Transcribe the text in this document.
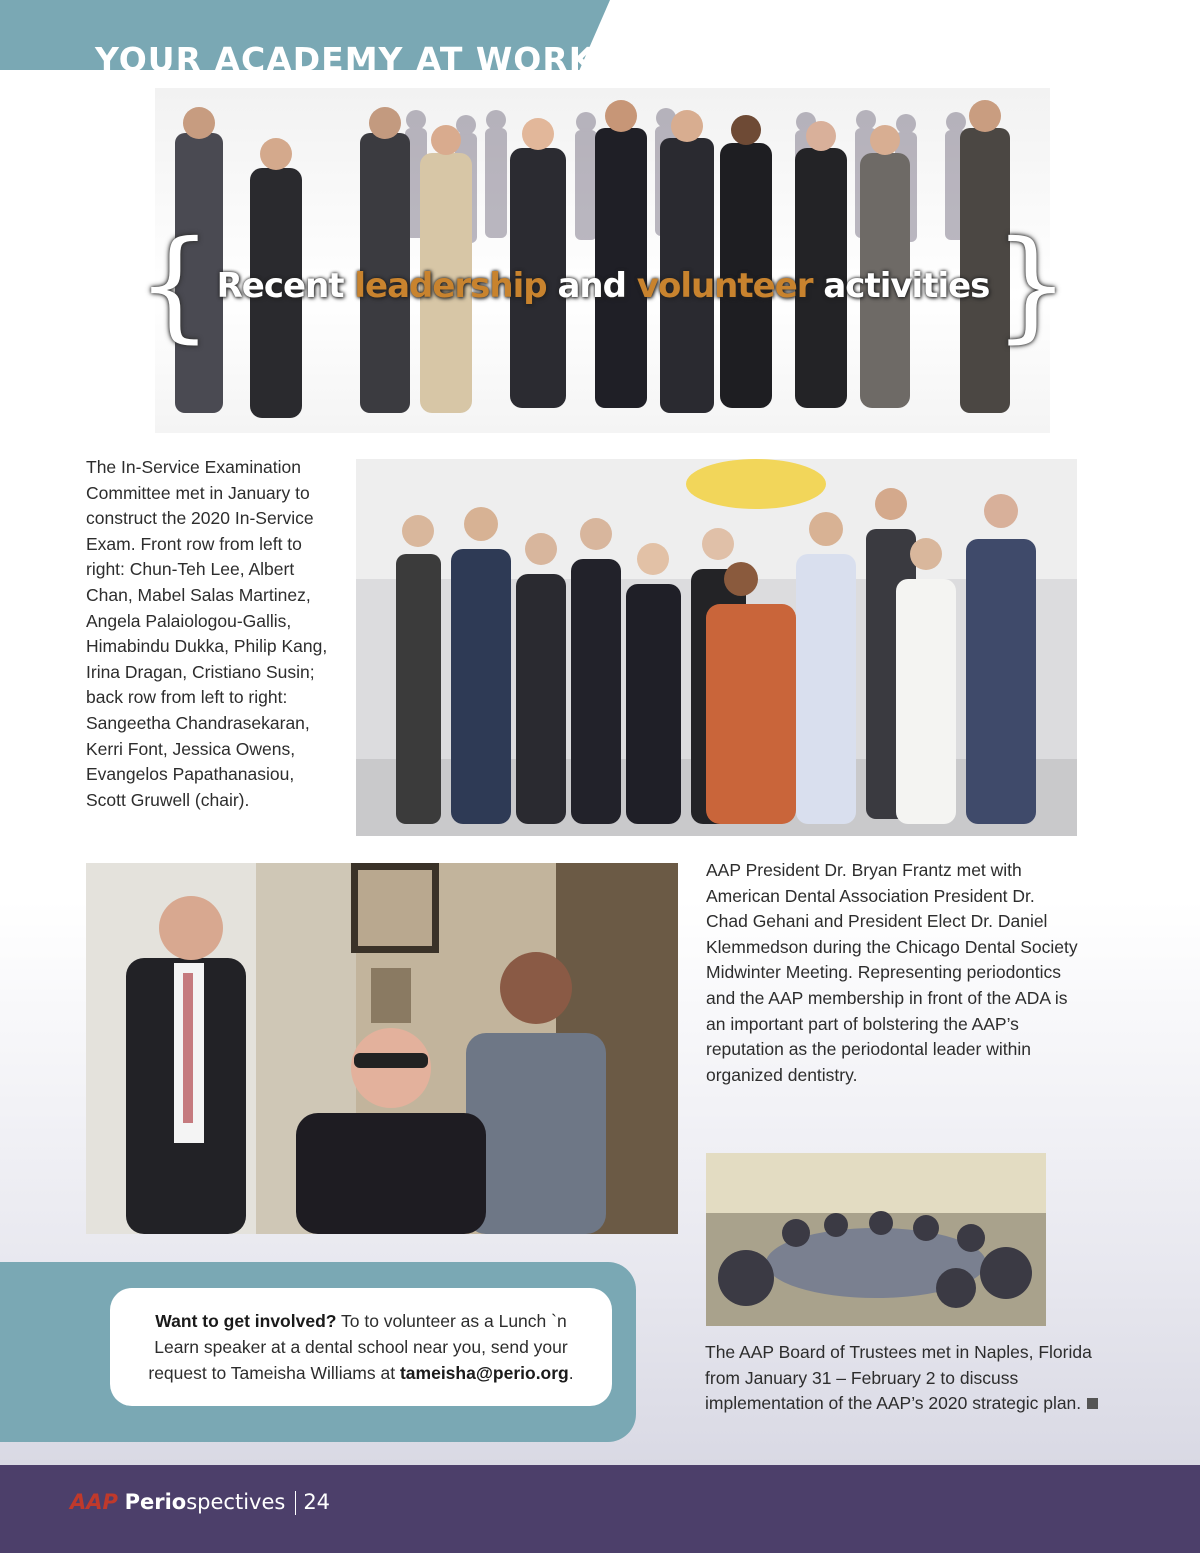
YOUR ACADEMY AT WORK
{ Recent leadership and volunteer activities }
The In-Service Examination Committee met in January to construct the 2020 In-Service Exam. Front row from left to right: Chun-Teh Lee, Albert Chan, Mabel Salas Martinez, Angela Palaiologou-Gallis, Himabindu Dukka, Philip Kang, Irina Dragan, Cristiano Susin; back row from left to right: Sangeetha Chandrasekaran, Kerri Font, Jessica Owens, Evangelos Papathanasiou, Scott Gruwell (chair).
AAP President Dr. Bryan Frantz met with American Dental Association President Dr. Chad Gehani and President Elect Dr. Daniel Klemmedson during the Chicago Dental Society Midwinter Meeting. Representing periodontics and the AAP membership in front of the ADA is an important part of bolstering the AAP’s reputation as the periodontal leader within organized dentistry.
The AAP Board of Trustees met in Naples, Florida from January 31 – February 2 to discuss implementation of the AAP’s 2020 strategic plan.
Want to get involved? To to volunteer as a Lunch `n Learn speaker at a dental school near you, send your request to Tameisha Williams at tameisha@perio.org.
AAP Periospectives 24
